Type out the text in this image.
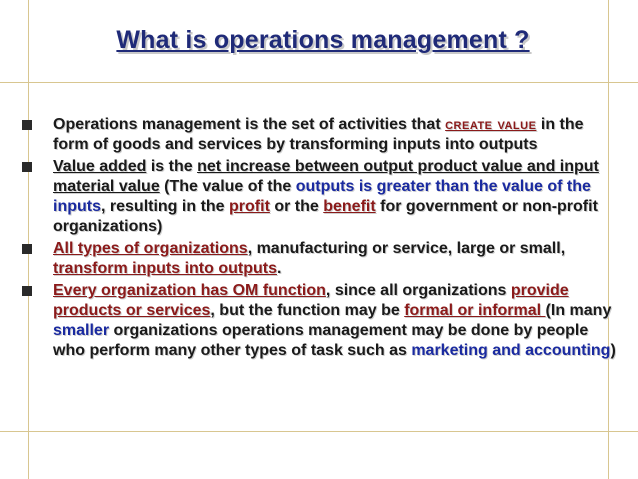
What is operations management ?
Operations management is the set of activities that create value in the form of goods and services by transforming inputs into outputs
Value added is the net increase between output product value and input material value (The value of the outputs is greater than the value of the inputs, resulting in the profit or the benefit for government or non-profit organizations)
All types of organizations, manufacturing or service, large or small, transform inputs into outputs.
Every organization has OM function, since all organizations provide products or services, but the function may be formal or informal (In many smaller organizations operations management may be done by people who perform many other types of task such as marketing and accounting)
